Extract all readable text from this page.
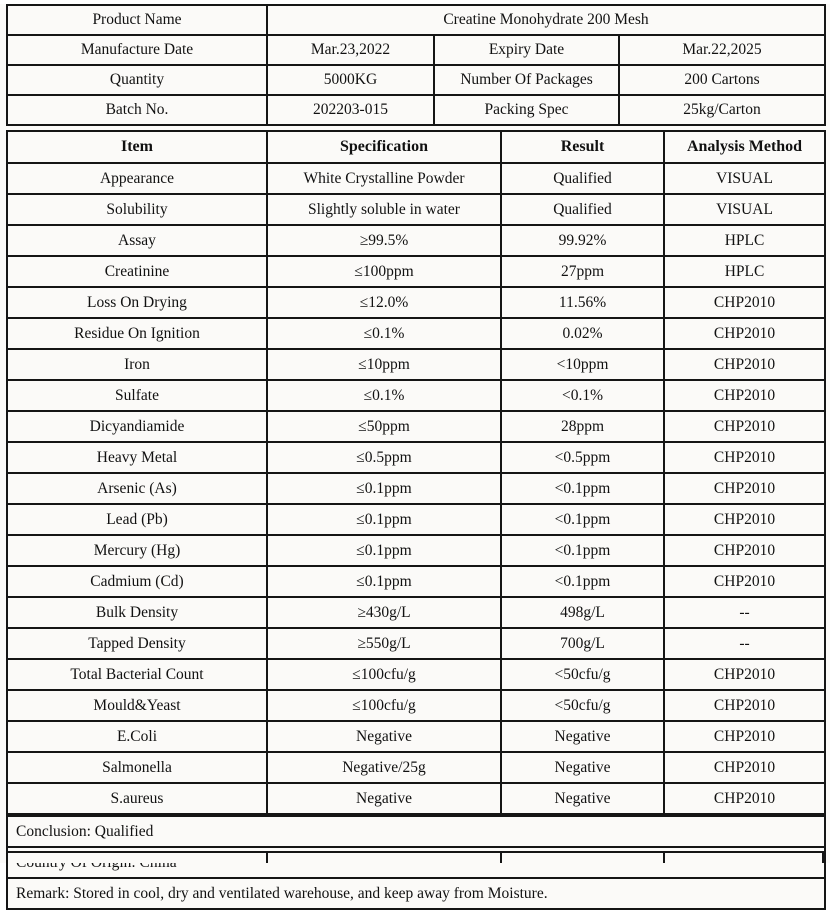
Product Name	Creatine Monohydrate 200 Mesh		
Manufacture Date	Mar.23,2022	Expiry Date	Mar.22,2025
Quantity	5000KG	Number Of Packages	200 Cartons
Batch No.	202203-015	Packing Spec	25kg/Carton
Item	Specification	Result	Analysis Method
Appearance	White Crystalline Powder	Qualified	VISUAL
Solubility	Slightly soluble in water	Qualified	VISUAL
Assay	≥99.5%	99.92%	HPLC
Creatinine	≤100ppm	27ppm	HPLC
Loss On Drying	≤12.0%	11.56%	CHP2010
Residue On Ignition	≤0.1%	0.02%	CHP2010
Iron	≤10ppm	<10ppm	CHP2010
Sulfate	≤0.1%	<0.1%	CHP2010
Dicyandiamide	≤50ppm	28ppm	CHP2010
Heavy Metal	≤0.5ppm	<0.5ppm	CHP2010
Arsenic (As)	≤0.1ppm	<0.1ppm	CHP2010
Lead (Pb)	≤0.1ppm	<0.1ppm	CHP2010
Mercury (Hg)	≤0.1ppm	<0.1ppm	CHP2010
Cadmium (Cd)	≤0.1ppm	<0.1ppm	CHP2010
Bulk Density	≥430g/L	498g/L	--
Tapped Density	≥550g/L	700g/L	--
Total Bacterial Count	≤100cfu/g	<50cfu/g	CHP2010
Mould&Yeast	≤100cfu/g	<50cfu/g	CHP2010
E.Coli	Negative	Negative	CHP2010
Salmonella	Negative/25g	Negative	CHP2010
S.aureus	Negative	Negative	CHP2010
Conclusion: Qualified

Remark: Stored in cool, dry and ventilated warehouse, and keep away from Moisture.
